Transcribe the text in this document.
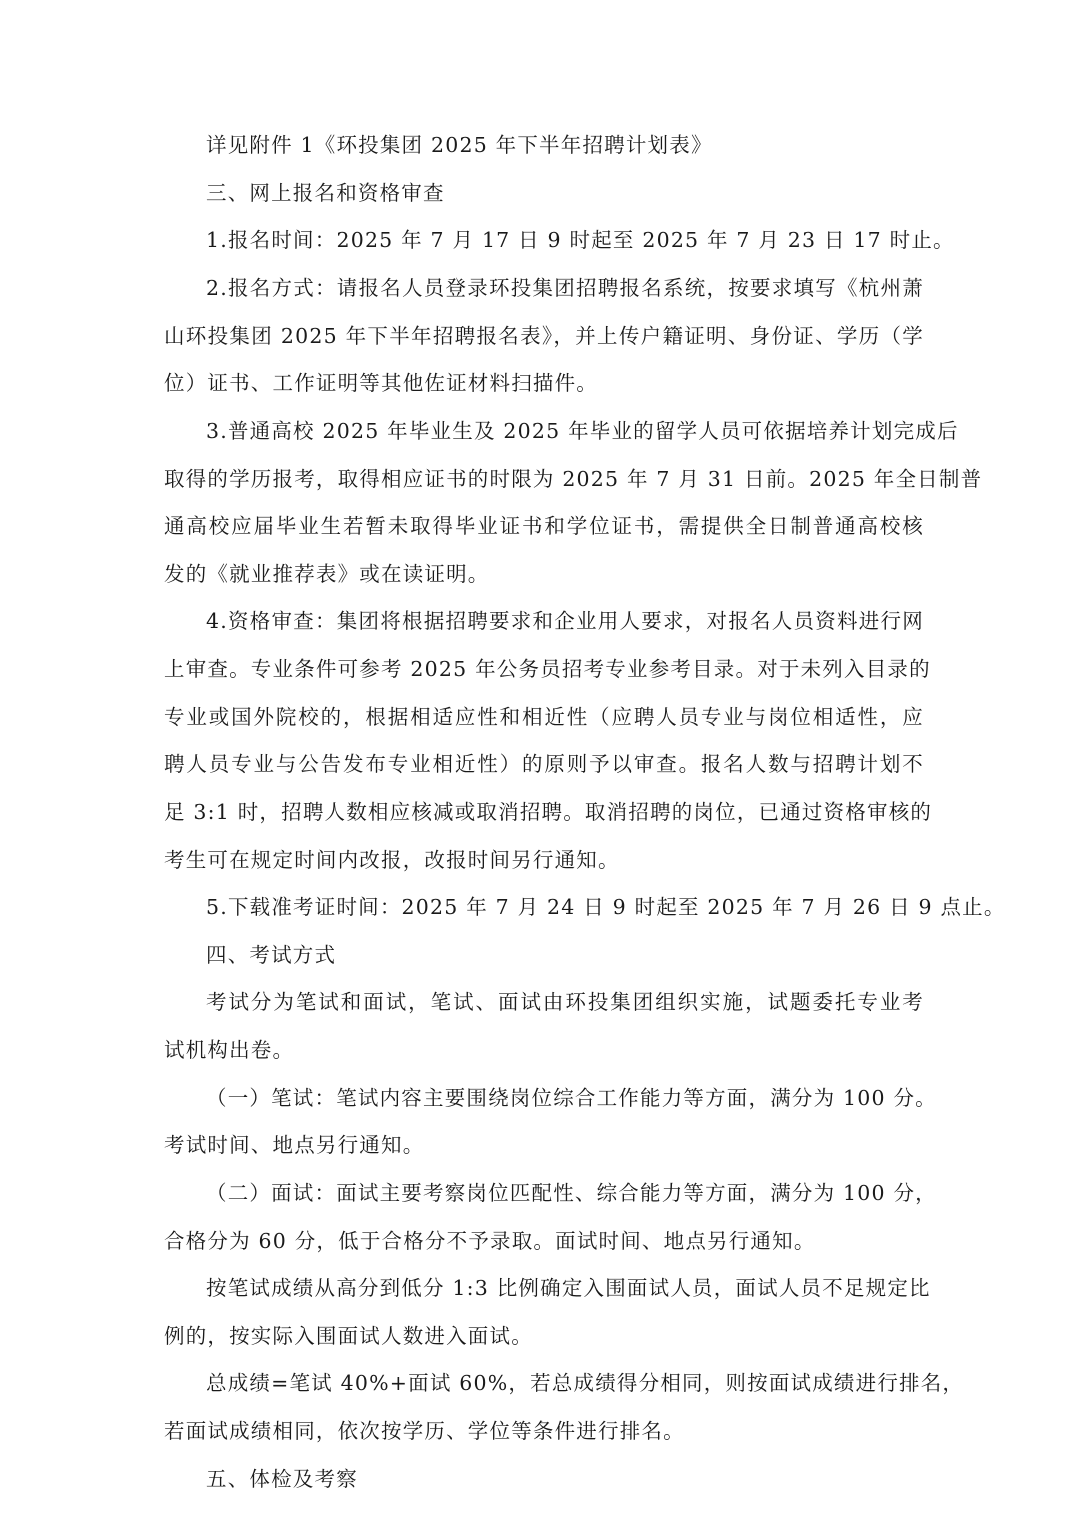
详见附件 1《环投集团 2025 年下半年招聘计划表》
三、网上报名和资格审查
1.报名时间：2025 年 7 月 17 日 9 时起至 2025 年 7 月 23 日 17 时止。
2.报名方式：请报名人员登录环投集团招聘报名系统，按要求填写《杭州萧
山环投集团 2025 年下半年招聘报名表》，并上传户籍证明、身份证、学历（学
位）证书、工作证明等其他佐证材料扫描件。
3.普通高校 2025 年毕业生及 2025 年毕业的留学人员可依据培养计划完成后
取得的学历报考，取得相应证书的时限为 2025 年 7 月 31 日前。2025 年全日制普
通高校应届毕业生若暂未取得毕业证书和学位证书，需提供全日制普通高校核
发的《就业推荐表》或在读证明。
4.资格审查：集团将根据招聘要求和企业用人要求，对报名人员资料进行网
上审查。专业条件可参考 2025 年公务员招考专业参考目录。对于未列入目录的
专业或国外院校的，根据相适应性和相近性（应聘人员专业与岗位相适性，应
聘人员专业与公告发布专业相近性）的原则予以审查。报名人数与招聘计划不
足 3:1 时，招聘人数相应核减或取消招聘。取消招聘的岗位，已通过资格审核的
考生可在规定时间内改报，改报时间另行通知。
5.下载准考证时间：2025 年 7 月 24 日 9 时起至 2025 年 7 月 26 日 9 点止。
四、考试方式
考试分为笔试和面试，笔试、面试由环投集团组织实施，试题委托专业考
试机构出卷。
（一）笔试：笔试内容主要围绕岗位综合工作能力等方面，满分为 100 分。
考试时间、地点另行通知。
（二）面试：面试主要考察岗位匹配性、综合能力等方面，满分为 100 分，
合格分为 60 分，低于合格分不予录取。面试时间、地点另行通知。
按笔试成绩从高分到低分 1:3 比例确定入围面试人员，面试人员不足规定比
例的，按实际入围面试人数进入面试。
总成绩=笔试 40%+面试 60%，若总成绩得分相同，则按面试成绩进行排名，
若面试成绩相同，依次按学历、学位等条件进行排名。
五、体检及考察
